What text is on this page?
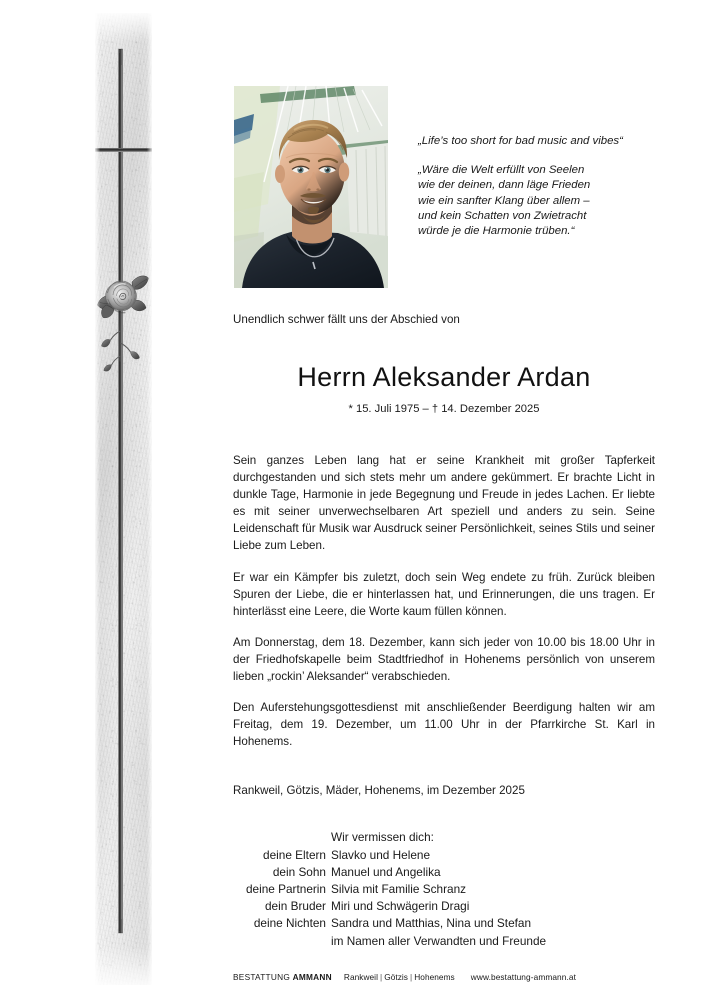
„Life’s too short for bad music and vibes“
„Wäre die Welt erfüllt von Seelen
wie der deinen, dann läge Frieden
wie ein sanfter Klang über allem –
und kein Schatten von Zwietracht
würde je die Harmonie trüben.“

Unendlich schwer fällt uns der Abschied von

Herrn Aleksander Ardan

* 15. Juli 1975 – † 14. Dezember 2025

Sein ganzes Leben lang hat er seine Krankheit mit großer Tapferkeit durchgestanden und sich stets mehr um andere gekümmert. Er brachte Licht in dunkle Tage, Harmonie in jede Begegnung und Freude in jedes Lachen. Er liebte es mit seiner unverwechselbaren Art speziell und anders zu sein. Seine Leidenschaft für Musik war Ausdruck seiner Persönlichkeit, seines Stils und seiner Liebe zum Leben.

Er war ein Kämpfer bis zuletzt, doch sein Weg endete zu früh. Zurück bleiben Spuren der Liebe, die er hinterlassen hat, und Erinnerungen, die uns tragen. Er hinterlässt eine Leere, die Worte kaum füllen können.

Am Donnerstag, dem 18. Dezember, kann sich jeder von 10.00 bis 18.00 Uhr in der Friedhofskapelle beim Stadtfriedhof in Hohenems persönlich von unserem lieben „rockin’ Aleksander“ verabschieden.

Den Auferstehungsgottesdienst mit anschließender Beerdigung halten wir am Freitag, dem 19. Dezember, um 11.00 Uhr in der Pfarrkirche St. Karl in Hohenems.

Rankweil, Götzis, Mäder, Hohenems, im Dezember 2025

	Wir vermissen dich:
deine Eltern	Slavko und Helene
dein Sohn	Manuel und Angelika
deine Partnerin	Silvia mit Familie Schranz
dein Bruder	Miri und Schwägerin Dragi
deine Nichten	Sandra und Matthias, Nina und Stefan
	im Namen aller Verwandten und Freunde
BESTATTUNG AMMANN Rankweil | Götzis | Hohenems www.bestattung-ammann.at
